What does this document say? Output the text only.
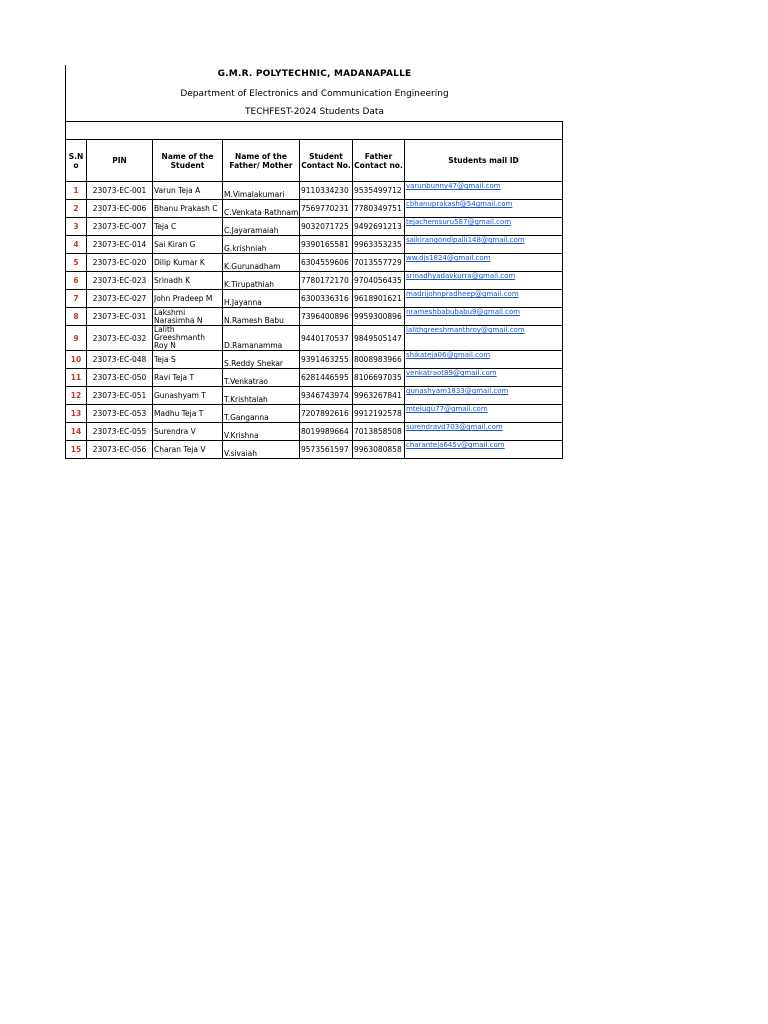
G.M.R. POLYTECHNIC, MADANAPALLE
Department of Electronics and Communication Engineering
TECHFEST-2024 Students Data

S.N o	PIN	Name of the Student	Name of the Father/ Mother	Student Contact No.	Father Contact no.	Students mail ID
1	23073-EC-001	Varun Teja A	M.Vimalakumari	9110334230	9535499712	varunbunny47@gmail.com
2	23073-EC-006	Bhanu Prakash C	C.Venkata Rathnam	7569770231	7780349751	cbhanuprakash@54gmail.com
3	23073-EC-007	Teja C	C.Jayaramaiah	9032071725	9492691213	tejachemsuru587@gmail.com
4	23073-EC-014	Sai Kiran G	G.krishniah	9390165581	9963353235	saikirangondipalli148@gmail.com
5	23073-EC-020	Dilip Kumar K	K.Gurunadham	6304559606	7013557729	ww.djs1824@gmail.com
6	23073-EC-023	Srinadh K	K.Tirupathiah	7780172170	9704056435	srinadhyadavkurra@gmail.com
7	23073-EC-027	John Pradeep M	H.Jayanna	6300336316	9618901621	madrijohnpradheep@gmail.com
8	23073-EC-031	Lakshmi Narasimha N	N.Ramesh Babu	7396400896	9959300896	nrameshbabubabu9@gmail.com
9	23073-EC-032	Lalith Greeshmanth Roy N	D.Ramanamma	9440170537	9849505147	lalithgreeshmanthroy@gmail.com
10	23073-EC-048	Teja S	S.Reddy Shekar	9391463255	8008983966	shikateja06@gmail.com
11	23073-EC-050	Ravi Teja T	T.Venkatrao	6281446595	8106697035	venkatraot89@gmail.com
12	23073-EC-051	Gunashyam T	T.Krishtaiah	9346743974	9963267841	gunashyam1833@gmail.com
13	23073-EC-053	Madhu Teja T	T.Ganganna	7207892616	9912192578	mtelugu77@gmail.com
14	23073-EC-055	Surendra V	V.Krishna	8019989664	7013858508	surendravd703@gmail.com
15	23073-EC-056	Charan Teja V	V.sivaiah	9573561597	9963080858	charanteja645v@gmail.com
